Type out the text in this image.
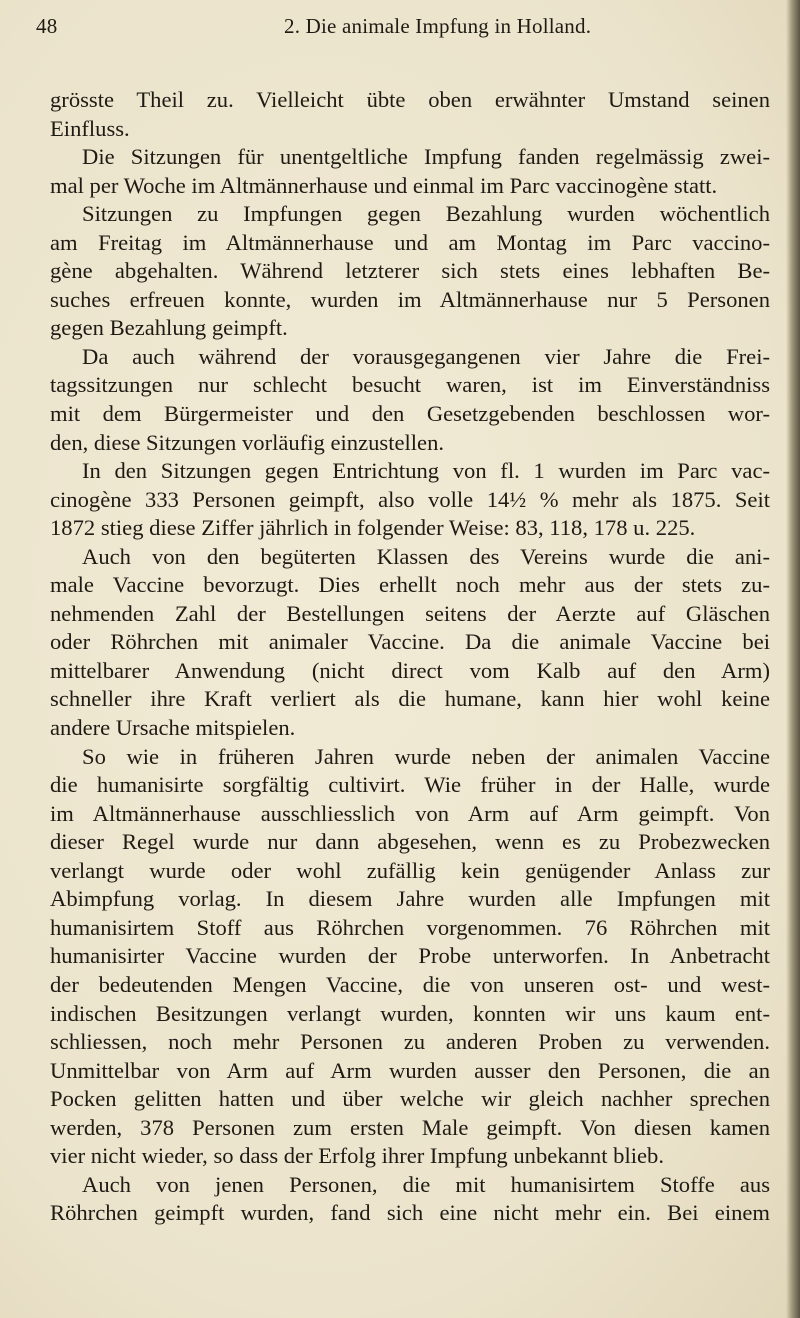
48	2. Die animale Impfung in Holland.
grösste Theil zu. Vielleicht übte oben erwähnter Umstand seinen
Einfluss.
Die Sitzungen für unentgeltliche Impfung fanden regelmässig zwei-
mal per Woche im Altmännerhause und einmal im Parc vaccinogène statt.
Sitzungen zu Impfungen gegen Bezahlung wurden wöchentlich
am Freitag im Altmännerhause und am Montag im Parc vaccino-
gène abgehalten. Während letzterer sich stets eines lebhaften Be-
suches erfreuen konnte, wurden im Altmännerhause nur 5 Personen
gegen Bezahlung geimpft.
Da auch während der vorausgegangenen vier Jahre die Frei-
tagssitzungen nur schlecht besucht waren, ist im Einverständniss
mit dem Bürgermeister und den Gesetzgebenden beschlossen wor-
den, diese Sitzungen vorläufig einzustellen.
In den Sitzungen gegen Entrichtung von fl. 1 wurden im Parc vac-
cinogène 333 Personen geimpft, also volle 14½ % mehr als 1875. Seit
1872 stieg diese Ziffer jährlich in folgender Weise: 83, 118, 178 u. 225.
Auch von den begüterten Klassen des Vereins wurde die ani-
male Vaccine bevorzugt. Dies erhellt noch mehr aus der stets zu-
nehmenden Zahl der Bestellungen seitens der Aerzte auf Gläschen
oder Röhrchen mit animaler Vaccine. Da die animale Vaccine bei
mittelbarer Anwendung (nicht direct vom Kalb auf den Arm)
schneller ihre Kraft verliert als die humane, kann hier wohl keine
andere Ursache mitspielen.
So wie in früheren Jahren wurde neben der animalen Vaccine
die humanisirte sorgfältig cultivirt. Wie früher in der Halle, wurde
im Altmännerhause ausschliesslich von Arm auf Arm geimpft. Von
dieser Regel wurde nur dann abgesehen, wenn es zu Probezwecken
verlangt wurde oder wohl zufällig kein genügender Anlass zur
Abimpfung vorlag. In diesem Jahre wurden alle Impfungen mit
humanisirtem Stoff aus Röhrchen vorgenommen. 76 Röhrchen mit
humanisirter Vaccine wurden der Probe unterworfen. In Anbetracht
der bedeutenden Mengen Vaccine, die von unseren ost- und west-
indischen Besitzungen verlangt wurden, konnten wir uns kaum ent-
schliessen, noch mehr Personen zu anderen Proben zu verwenden.
Unmittelbar von Arm auf Arm wurden ausser den Personen, die an
Pocken gelitten hatten und über welche wir gleich nachher sprechen
werden, 378 Personen zum ersten Male geimpft. Von diesen kamen
vier nicht wieder, so dass der Erfolg ihrer Impfung unbekannt blieb.
Auch von jenen Personen, die mit humanisirtem Stoffe aus
Röhrchen geimpft wurden, fand sich eine nicht mehr ein. Bei einem
